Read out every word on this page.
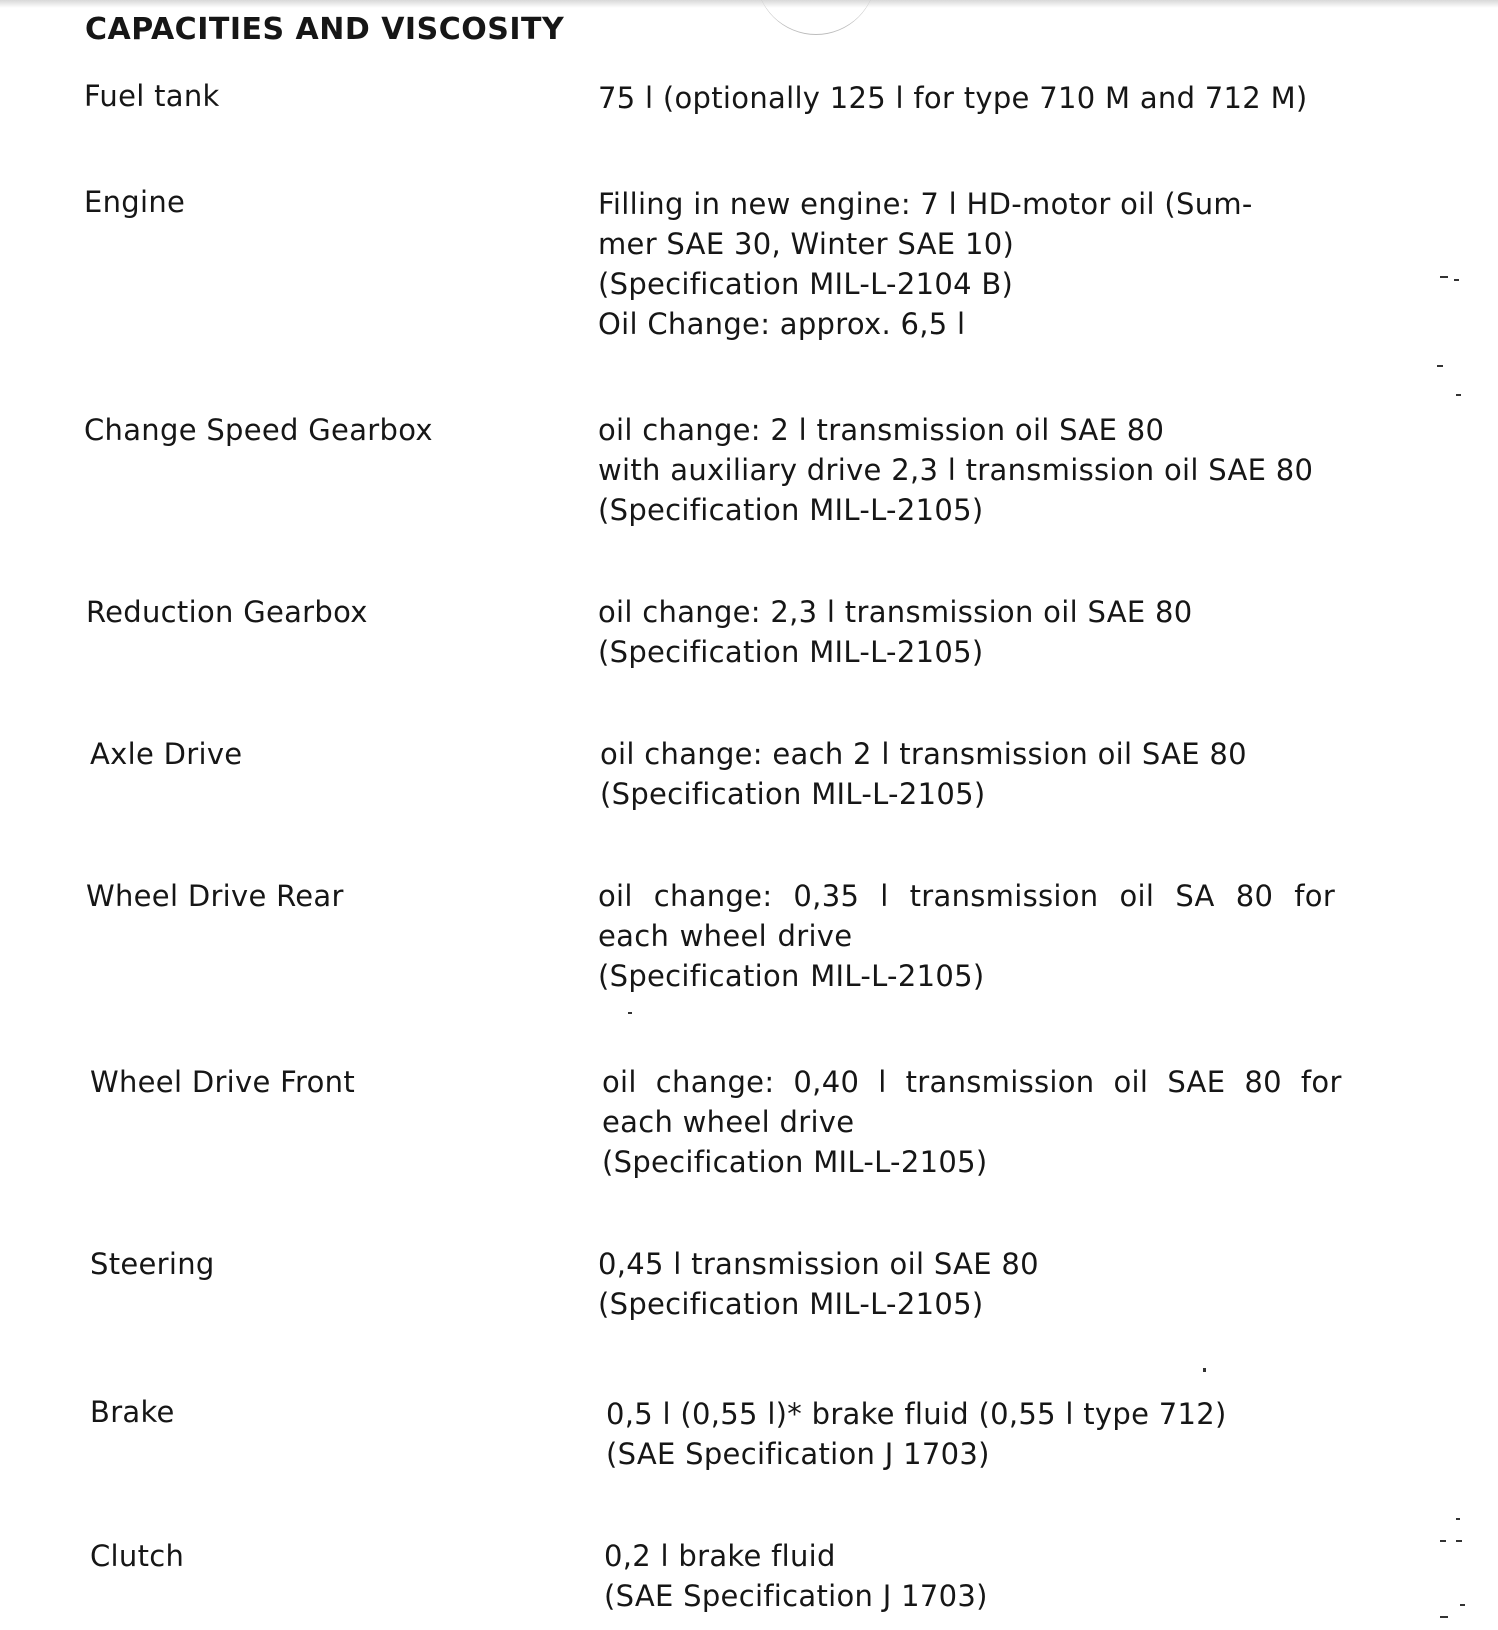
CAPACITIES AND VISCOSITY
Fuel tank	75 l (optionally 125 l for type 710 M and 712 M)
Engine	Filling in new engine: 7 l HD-motor oil (Sum-
mer SAE 30, Winter SAE 10)
(Specification MIL-L-2104 B)
Oil Change: approx. 6,5 l
Change Speed Gearbox	oil change: 2 l transmission oil SAE 80
with auxiliary drive 2,3 l transmission oil SAE 80
(Specification MIL-L-2105)
Reduction Gearbox	oil change: 2,3 l transmission oil SAE 80
(Specification MIL-L-2105)
Axle Drive	oil change: each 2 l transmission oil SAE 80
(Specification MIL-L-2105)
Wheel Drive Rear	oil  change:  0,35  l  transmission  oil  SA  80  for
each wheel drive
(Specification MIL-L-2105)
Wheel Drive Front	oil  change:  0,40  l  transmission  oil  SAE  80  for
each wheel drive
(Specification MIL-L-2105)
Steering	0,45 l transmission oil SAE 80
(Specification MIL-L-2105)
Brake	0,5 l (0,55 l)* brake fluid (0,55 l type 712)
(SAE Specification J 1703)
Clutch	0,2 l brake fluid
(SAE Specification J 1703)
